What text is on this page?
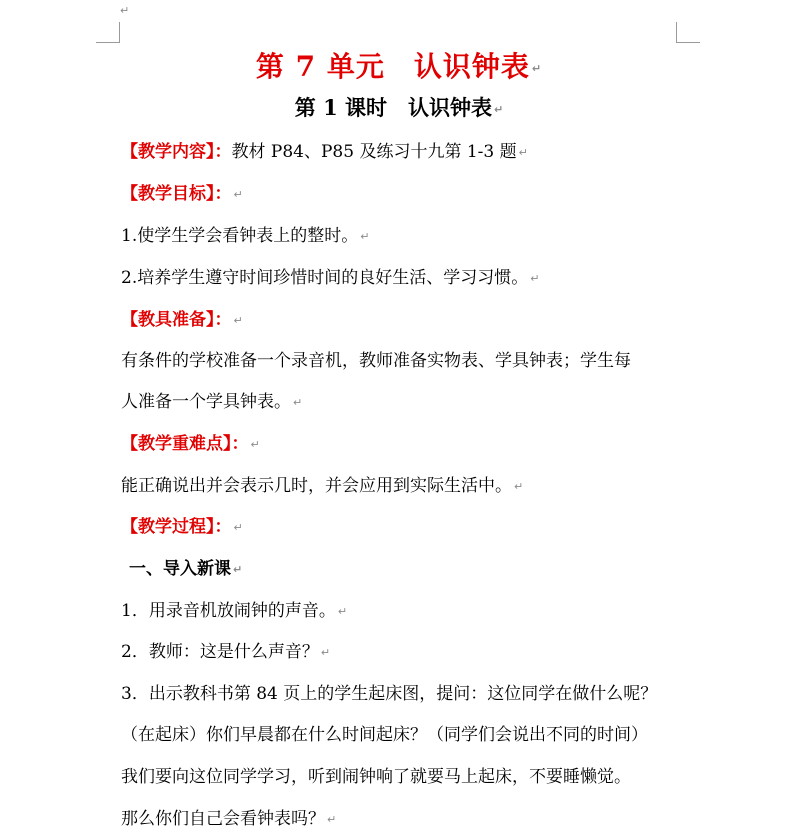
↵
第 7 单元　认识钟表 ↵
第 1 课时　认识钟表 ↵
【教学内容】：教材 P84、P85 及练习十九第 1-3 题 ↵
【教学目标】： ↵
1.使学生学会看钟表上的整时。 ↵
2.培养学生遵守时间珍惜时间的良好生活、学习习惯。 ↵
【教具准备】： ↵
有条件的学校准备一个录音机，教师准备实物表、学具钟表；学生每
人准备一个学具钟表。 ↵
【教学重难点】： ↵
能正确说出并会表示几时，并会应用到实际生活中。 ↵
【教学过程】： ↵
一、导入新课 ↵
1．用录音机放闹钟的声音。 ↵
2．教师：这是什么声音？ ↵
3．出示教科书第 84 页上的学生起床图，提问：这位同学在做什么呢？
（在起床）你们早晨都在什么时间起床？（同学们会说出不同的时间）
我们要向这位同学学习，听到闹钟响了就要马上起床，不要睡懒觉。
那么你们自己会看钟表吗？ ↵
